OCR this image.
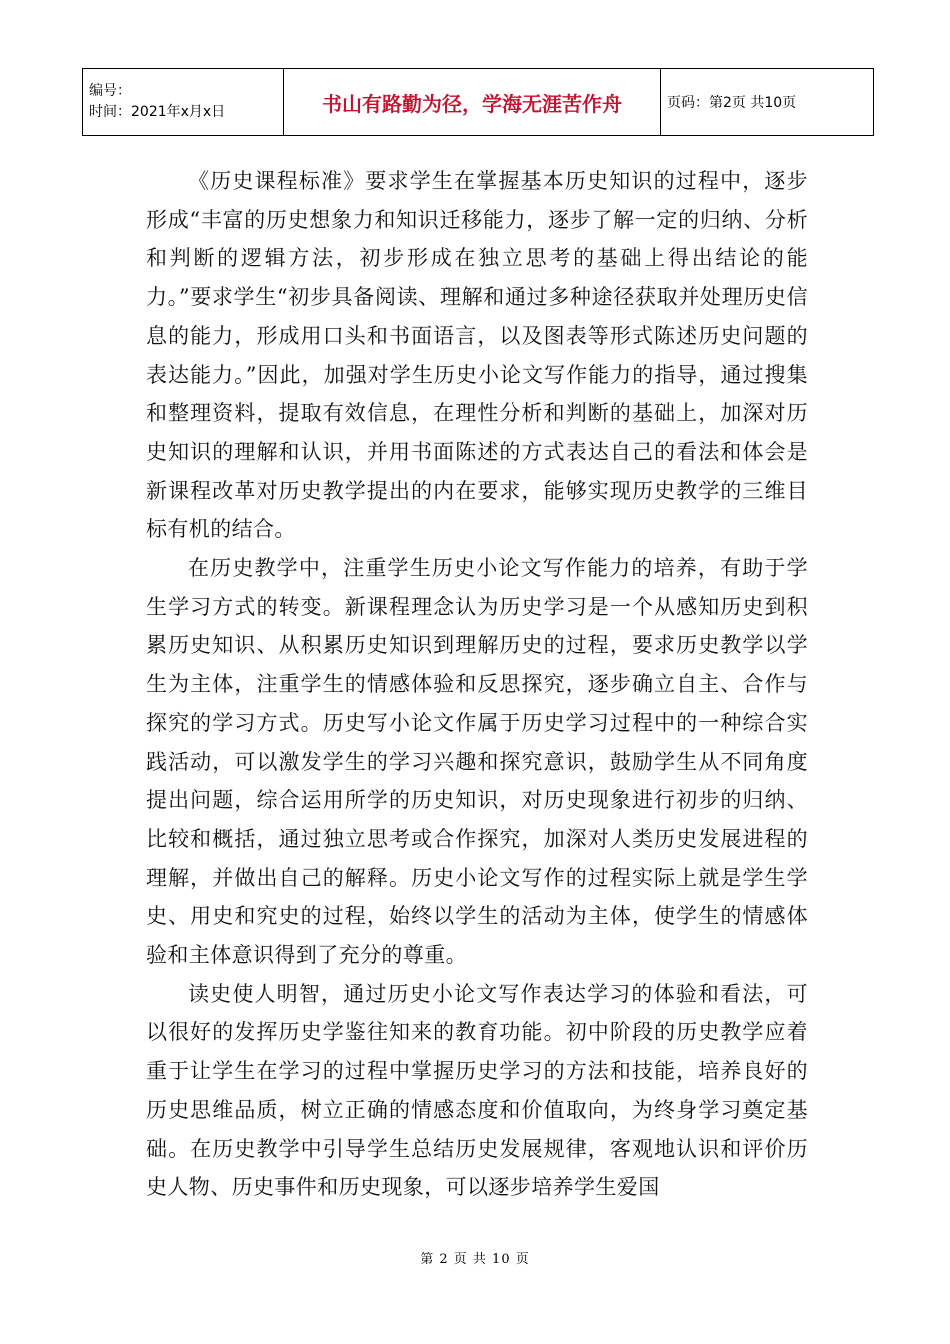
编号：
时间：2021年x月x日	书山有路勤为径，学海无涯苦作舟	页码：第2页 共10页

《历史课程标准》要求学生在掌握基本历史知识的过程中，逐步形成“丰富的历史想象力和知识迁移能力，逐步了解一定的归纳、分析和判断的逻辑方法，初步形成在独立思考的基础上得出结论的能力。”要求学生“初步具备阅读、理解和通过多种途径获取并处理历史信息的能力，形成用口头和书面语言，以及图表等形式陈述历史问题的表达能力。”因此，加强对学生历史小论文写作能力的指导，通过搜集和整理资料，提取有效信息，在理性分析和判断的基础上，加深对历史知识的理解和认识，并用书面陈述的方式表达自己的看法和体会是新课程改革对历史教学提出的内在要求，能够实现历史教学的三维目标有机的结合。

在历史教学中，注重学生历史小论文写作能力的培养，有助于学生学习方式的转变。新课程理念认为历史学习是一个从感知历史到积累历史知识、从积累历史知识到理解历史的过程，要求历史教学以学生为主体，注重学生的情感体验和反思探究，逐步确立自主、合作与探究的学习方式。历史写小论文作属于历史学习过程中的一种综合实践活动，可以激发学生的学习兴趣和探究意识，鼓励学生从不同角度提出问题，综合运用所学的历史知识，对历史现象进行初步的归纳、比较和概括，通过独立思考或合作探究，加深对人类历史发展进程的理解，并做出自己的解释。历史小论文写作的过程实际上就是学生学史、用史和究史的过程，始终以学生的活动为主体，使学生的情感体验和主体意识得到了充分的尊重。

读史使人明智，通过历史小论文写作表达学习的体验和看法，可以很好的发挥历史学鉴往知来的教育功能。初中阶段的历史教学应着重于让学生在学习的过程中掌握历史学习的方法和技能，培养良好的历史思维品质，树立正确的情感态度和价值取向，为终身学习奠定基础。在历史教学中引导学生总结历史发展规律，客观地认识和评价历史人物、历史事件和历史现象，可以逐步培养学生爱国

第 2 页 共 10 页
